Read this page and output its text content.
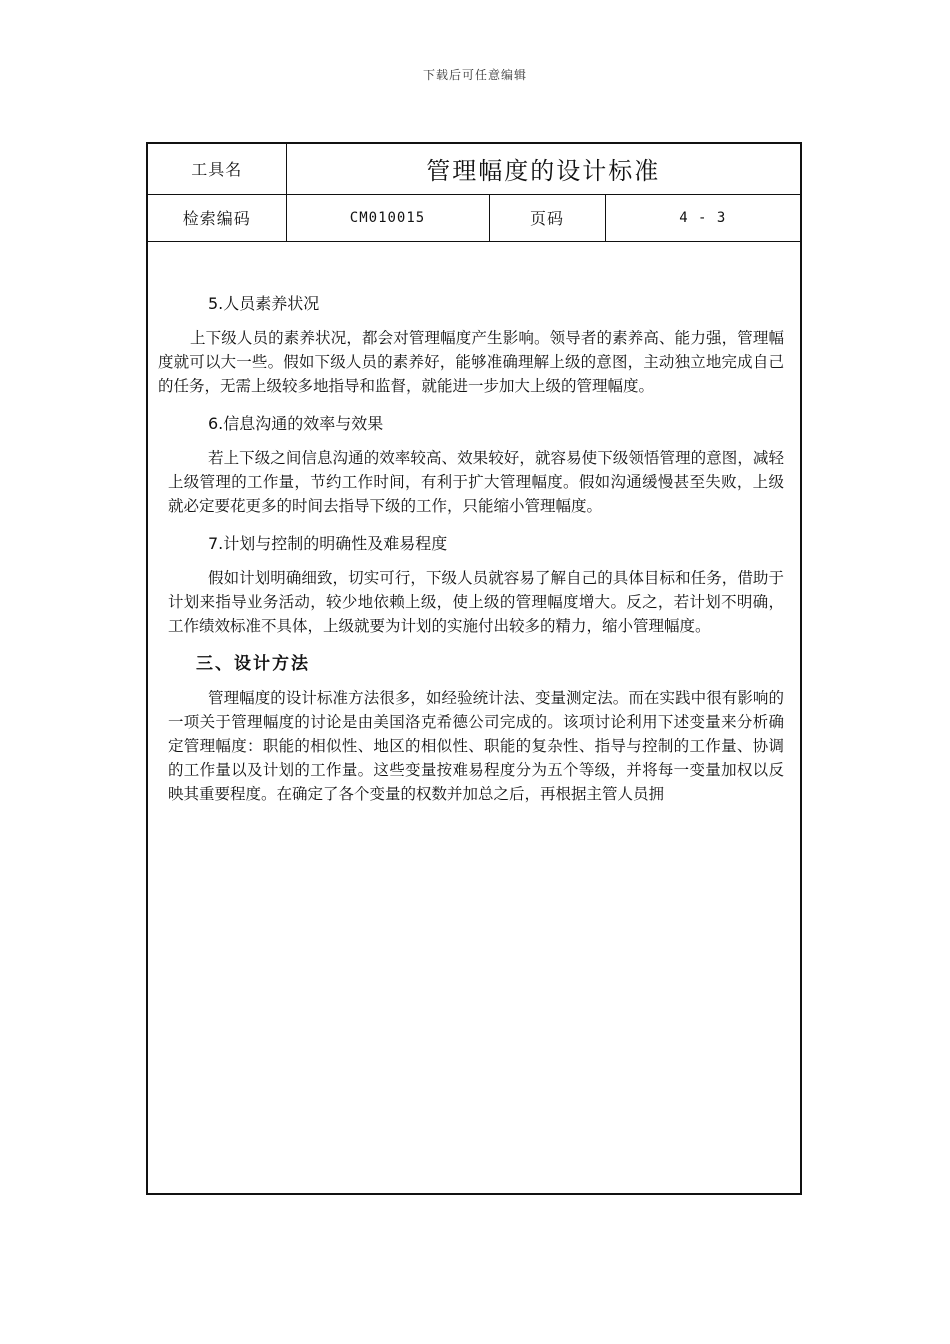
下载后可任意编辑
工具名	管理幅度的设计标准		
检索编码	CM010015	页码	4 - 3
5.人员素养状况

上下级人员的素养状况，都会对管理幅度产生影响。领导者的素养高、能力强，管理幅度就可以大一些。假如下级人员的素养好，能够准确理解上级的意图，主动独立地完成自己的任务，无需上级较多地指导和监督，就能进一步加大上级的管理幅度。

6.信息沟通的效率与效果

若上下级之间信息沟通的效率较高、效果较好，就容易使下级领悟管理的意图，减轻上级管理的工作量，节约工作时间，有利于扩大管理幅度。假如沟通缓慢甚至失败，上级就必定要花更多的时间去指导下级的工作，只能缩小管理幅度。

7.计划与控制的明确性及难易程度

假如计划明确细致，切实可行，下级人员就容易了解自己的具体目标和任务，借助于计划来指导业务活动，较少地依赖上级，使上级的管理幅度增大。反之，若计划不明确，工作绩效标准不具体，上级就要为计划的实施付出较多的精力，缩小管理幅度。

三、设计方法

管理幅度的设计标准方法很多，如经验统计法、变量测定法。而在实践中很有影响的一项关于管理幅度的讨论是由美国洛克希德公司完成的。该项讨论利用下述变量来分析确定管理幅度：职能的相似性、地区的相似性、职能的复杂性、指导与控制的工作量、协调的工作量以及计划的工作量。这些变量按难易程度分为五个等级，并将每一变量加权以反映其重要程度。在确定了各个变量的权数并加总之后，再根据主管人员拥
